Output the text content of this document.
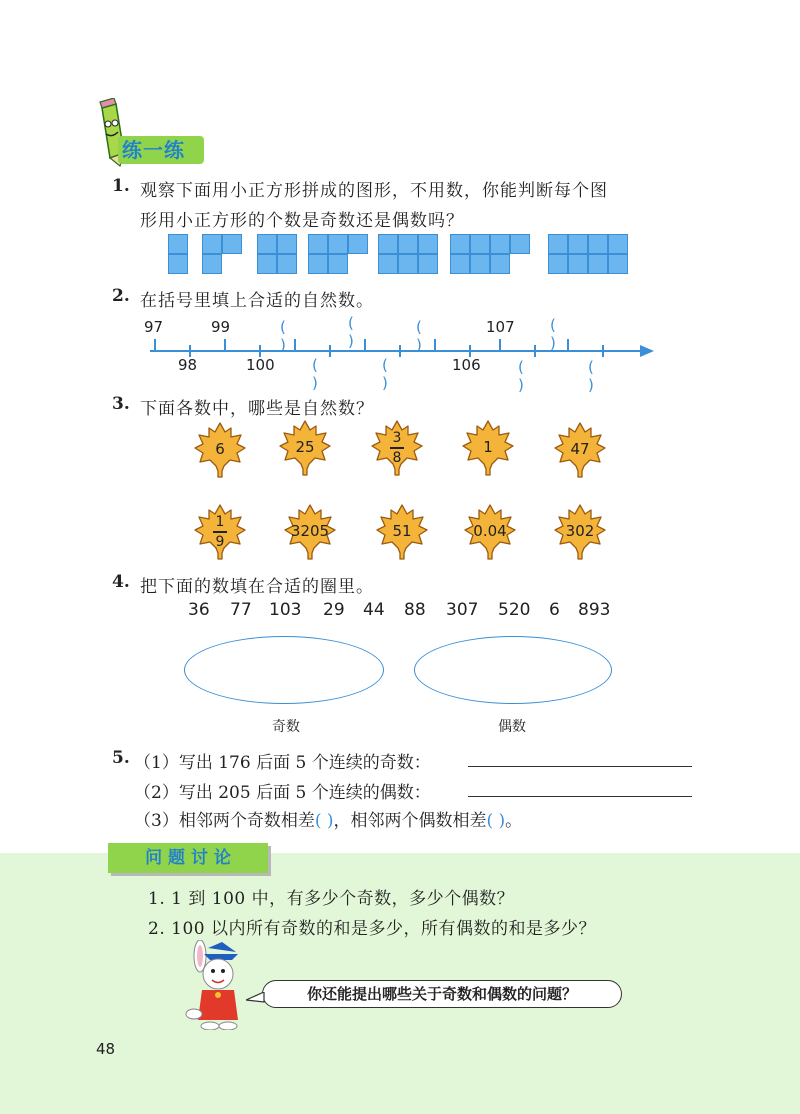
练一练
1. 观察下面用小正方形拼成的图形，不用数，你能判断每个图
形用小正方形的个数是奇数还是偶数吗？
2. 在括号里填上合适的自然数。
97	99	( )
( )
( )
107 ( )
98	100 ( )
( )
106 ( )
( )
3. 下面各数中，哪些是自然数？
6	25	3
8
1	47
1
9
3205	51	0.04	302
4. 把下面的数填在合适的圈里。
36 77 103 29 44 88 307 520 6 893
奇数	偶数
5. （1）写出 176 后面 5 个连续的奇数：
（2）写出 205 后面 5 个连续的偶数：
（3）相邻两个奇数相差( )，相邻两个偶数相差( )。
问 题 讨 论
1. 1 到 100 中，有多少个奇数，多少个偶数？
2. 100 以内所有奇数的和是多少，所有偶数的和是多少？
你还能提出哪些关于奇数和偶数的问题？
48
